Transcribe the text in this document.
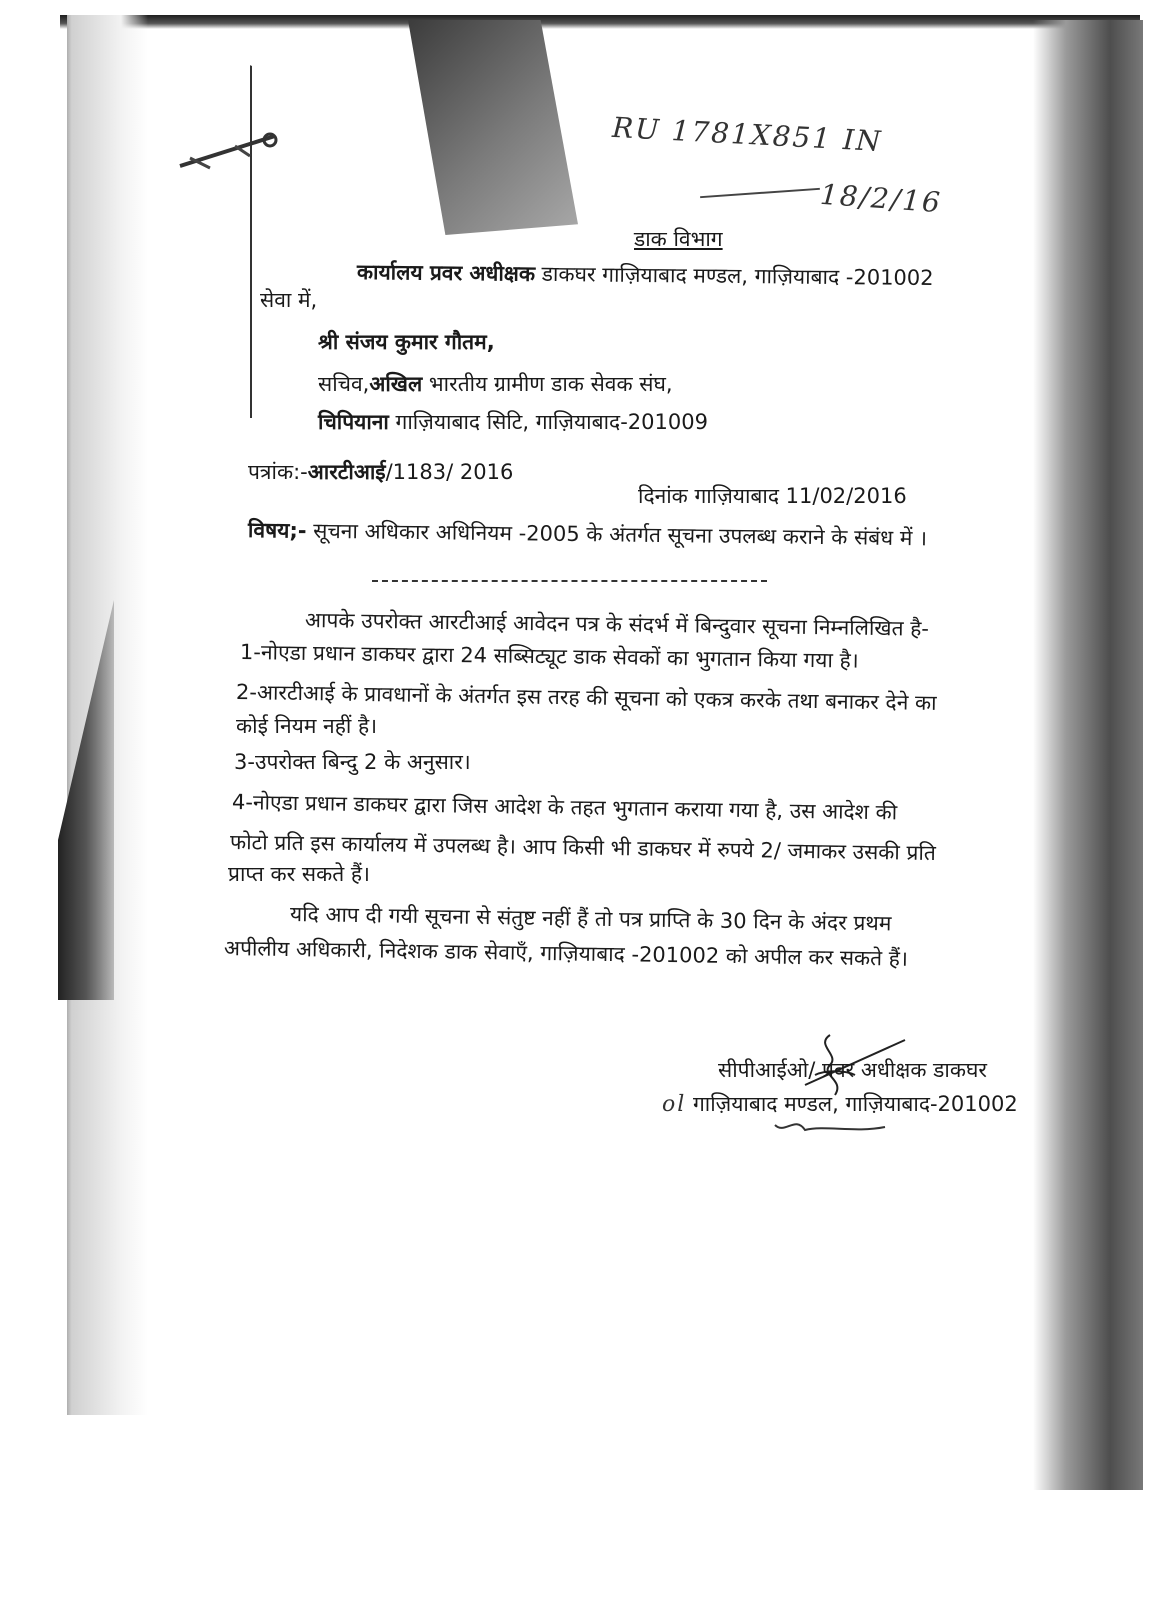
RU 1781X851 IN
18/2/16
डाक विभाग
कार्यालय प्रवर अधीक्षक डाकघर गाज़ियाबाद मण्डल, गाज़ियाबाद -201002
सेवा में,
श्री संजय कुमार गौतम,
सचिव,अखिल भारतीय ग्रामीण डाक सेवक संघ,
चिपियाना गाज़ियाबाद सिटि, गाज़ियाबाद-201009
पत्रांक:-आरटीआई/1183/ 2016
दिनांक गाज़ियाबाद 11/02/2016
विषय;- सूचना अधिकार अधिनियम -2005 के अंतर्गत सूचना उपलब्ध कराने के संबंध में ।
आपके उपरोक्त आरटीआई आवेदन पत्र के संदर्भ में बिन्दुवार सूचना निम्नलिखित है-
1-नोएडा प्रधान डाकघर द्वारा 24 सब्सिट्यूट डाक सेवकों का भुगतान किया गया है।
2-आरटीआई के प्रावधानों के अंतर्गत इस तरह की सूचना को एकत्र करके तथा बनाकर देने का
कोई नियम नहीं है।
3-उपरोक्त बिन्दु 2 के अनुसार।
4-नोएडा प्रधान डाकघर द्वारा जिस आदेश के तहत भुगतान कराया गया है, उस आदेश की
फोटो प्रति इस कार्यालय में उपलब्ध है। आप किसी भी डाकघर में रुपये 2/ जमाकर उसकी प्रति
प्राप्त कर सकते हैं।
यदि आप दी गयी सूचना से संतुष्ट नहीं हैं तो पत्र प्राप्ति के 30 दिन के अंदर प्रथम
अपीलीय अधिकारी, निदेशक डाक सेवाएँ, गाज़ियाबाद -201002 को अपील कर सकते हैं।
सीपीआईओ/ प्रवर अधीक्षक डाकघर
ol गाज़ियाबाद मण्डल, गाज़ियाबाद-201002
